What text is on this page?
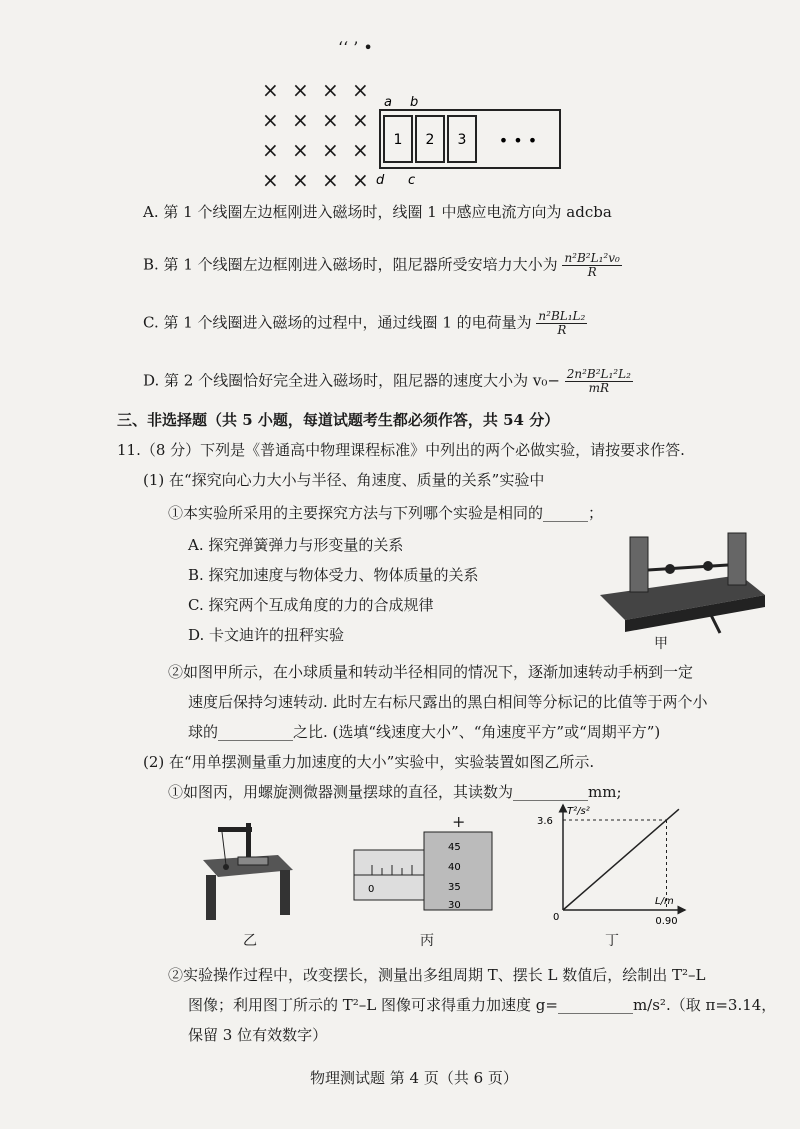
‘‘ ’ •
× × × ×
× × × ×
× × × ×
× × × ×
1 2 3 • • •
a b
d c
A. 第 1 个线圈左边框刚进入磁场时，线圈 1 中感应电流方向为 adcba
B. 第 1 个线圈左边框刚进入磁场时，阻尼器所受安培力大小为 $\frac{\text{n²B²L₁²v₀}}{R}$
C. 第 1 个线圈进入磁场的过程中，通过线圈 1 的电荷量为 $\frac{\text{n²BL₁L₂}}{R}$
D. 第 2 个线圈恰好完全进入磁场时，阻尼器的速度大小为 $v_0- \frac{\text{2n²B²L₁²L₂}}{mR}$
三、非选择题（共 5 小题，每道试题考生都必须作答，共 54 分）
11.（8 分）下列是《普通高中物理课程标准》中列出的两个必做实验，请按要求作答.
(1) 在“探究向心力大小与半径、角速度、质量的关系”实验中
①本实验所采用的主要探究方法与下列哪个实验是相同的______；
A. 探究弹簧弹力与形变量的关系
B. 探究加速度与物体受力、物体质量的关系
C. 探究两个互成角度的力的合成规律
D. 卡文迪许的扭秤实验	甲
②如图甲所示，在小球质量和转动半径相同的情况下，逐渐加速转动手柄到一定
速度后保持匀速转动. 此时左右标尺露出的黑白相间等分标记的比值等于两个小
球的__________之比. (选填“线速度大小”、“角速度平方”或“周期平方”)
(2) 在“用单摆测量重力加速度的大小”实验中，实验装置如图乙所示.
①如图丙，用螺旋测微器测量摆球的直径，其读数为__________mm;
乙
+
0
45
40
35
30
丙
T²/s²
L/m
3.6
0	0.90
丁
②实验操作过程中，改变摆长，测量出多组周期 T、摆长 L 数值后，绘制出 T²–L
图像；利用图丁所示的 T²–L 图像可求得重力加速度 g=__________m/s².（取 π=3.14，
保留 3 位有效数字）
物理测试题 第 4 页（共 6 页）
